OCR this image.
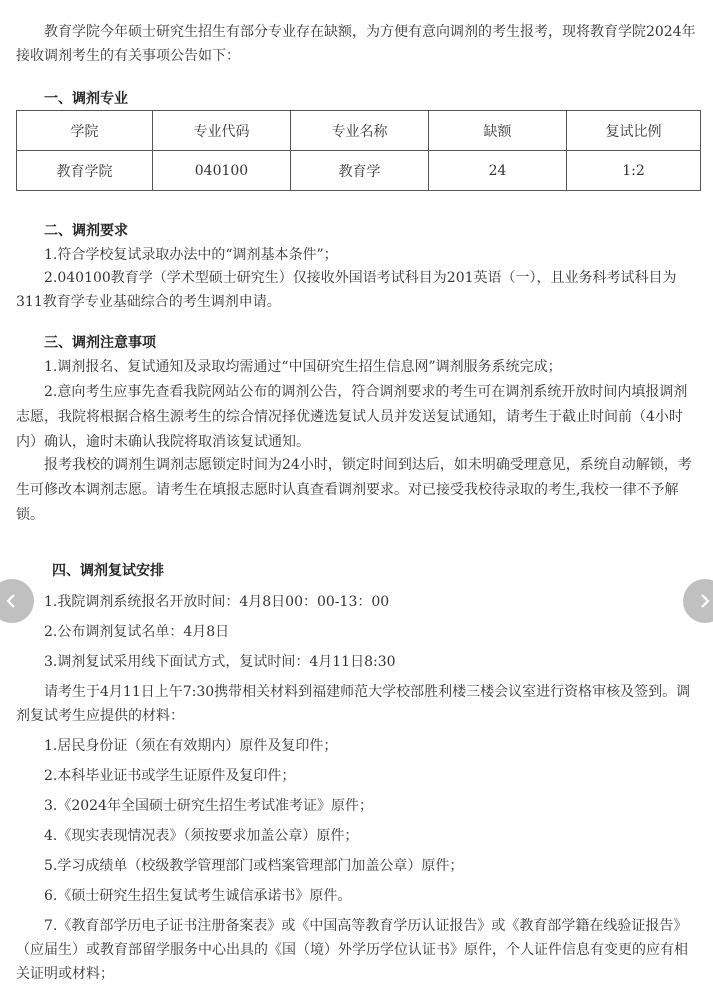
教育学院今年硕士研究生招生有部分专业存在缺额，为方便有意向调剂的考生报考，现将教育学院2024年接收调剂考生的有关事项公告如下：

一、调剂专业
学院	专业代码	专业名称	缺额	复试比例
教育学院	040100	教育学	24	1:2
二、调剂要求

1.符合学校复试录取办法中的“调剂基本条件”；

2.040100教育学（学术型硕士研究生）仅接收外国语考试科目为201英语（一），且业务科考试科目为311教育学专业基础综合的考生调剂申请。

三、调剂注意事项

1.调剂报名、复试通知及录取均需通过“中国研究生招生信息网”调剂服务系统完成；

2.意向考生应事先查看我院网站公布的调剂公告，符合调剂要求的考生可在调剂系统开放时间内填报调剂志愿，我院将根据合格生源考生的综合情况择优遴选复试人员并发送复试通知，请考生于截止时间前（4小时内）确认，逾时未确认我院将取消该复试通知。

报考我校的调剂生调剂志愿锁定时间为24小时，锁定时间到达后，如未明确受理意见，系统自动解锁，考生可修改本调剂志愿。请考生在填报志愿时认真查看调剂要求。对已接受我校待录取的考生,我校一律不予解锁。

四、调剂复试安排

1.我院调剂系统报名开放时间：4月8日00：00-13：00

2.公布调剂复试名单：4月8日

3.调剂复试采用线下面试方式，复试时间：4月11日8:30

请考生于4月11日上午7:30携带相关材料到福建师范大学校部胜利楼三楼会议室进行资格审核及签到。调剂复试考生应提供的材料：

1.居民身份证（须在有效期内）原件及复印件；

2.本科毕业证书或学生证原件及复印件；

3.《2024年全国硕士研究生招生考试准考证》原件；

4.《现实表现情况表》（须按要求加盖公章）原件；

5.学习成绩单（校级教学管理部门或档案管理部门加盖公章）原件；

6.《硕士研究生招生复试考生诚信承诺书》原件。

7.《教育部学历电子证书注册备案表》或《中国高等教育学历认证报告》或《教育部学籍在线验证报告》（应届生）或教育部留学服务中心出具的《国（境）外学历学位认证书》原件，个人证件信息有变更的应有相关证明或材料；
